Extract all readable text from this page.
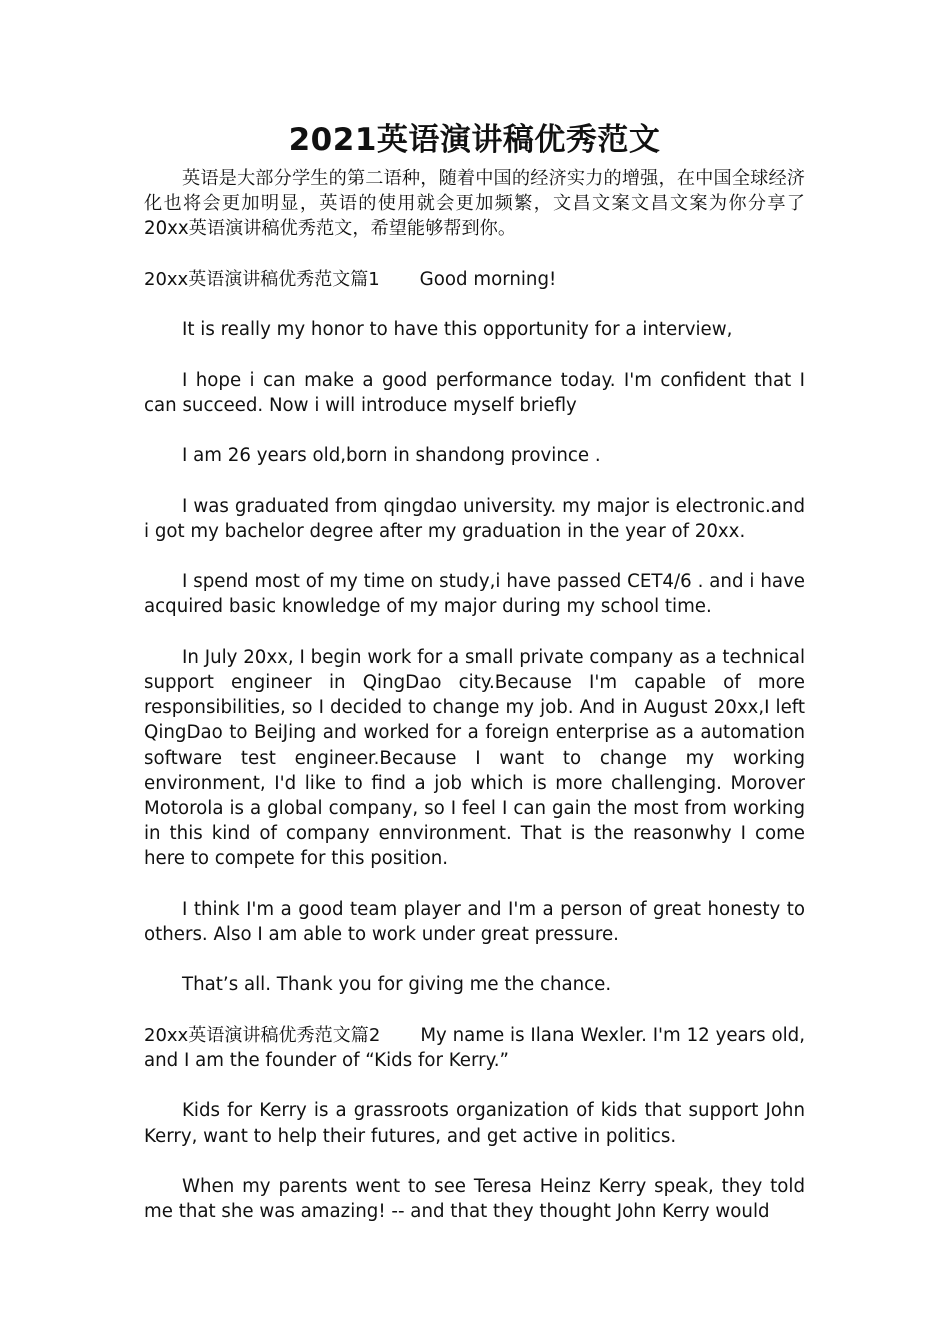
2021英语演讲稿优秀范文

英语是大部分学生的第二语种，随着中国的经济实力的增强，在中国全球经济化也将会更加明显，英语的使用就会更加频繁，文昌文案文昌文案为你分享了20xx英语演讲稿优秀范文，希望能够帮到你。

20xx英语演讲稿优秀范文篇1 Good morning!

It is really my honor to have this opportunity for a interview,

I hope i can make a good performance today. I'm confident that I can succeed. Now i will introduce myself briefly

I am 26 years old,born in shandong province .

I was graduated from qingdao university. my major is electronic.and i got my bachelor degree after my graduation in the year of 20xx.

I spend most of my time on study,i have passed CET4/6 . and i have acquired basic knowledge of my major during my school time.

In July 20xx, I begin work for a small private company as a technical support engineer in QingDao city.Because I'm capable of more responsibilities, so I decided to change my job. And in August 20xx,I left QingDao to BeiJing and worked for a foreign enterprise as a automation software test engineer.Because I want to change my working environment, I'd like to find a job which is more challenging. Morover Motorola is a global company, so I feel I can gain the most from working in this kind of company ennvironment. That is the reasonwhy I come here to compete for this position.

I think I'm a good team player and I'm a person of great honesty to others. Also I am able to work under great pressure.

That’s all. Thank you for giving me the chance.

20xx英语演讲稿优秀范文篇2 My name is Ilana Wexler. I'm 12 years old, and I am the founder of “Kids for Kerry.”

Kids for Kerry is a grassroots organization of kids that support John Kerry, want to help their futures, and get active in politics.

When my parents went to see Teresa Heinz Kerry speak, they told me that she was amazing! -- and that they thought John Kerry would
